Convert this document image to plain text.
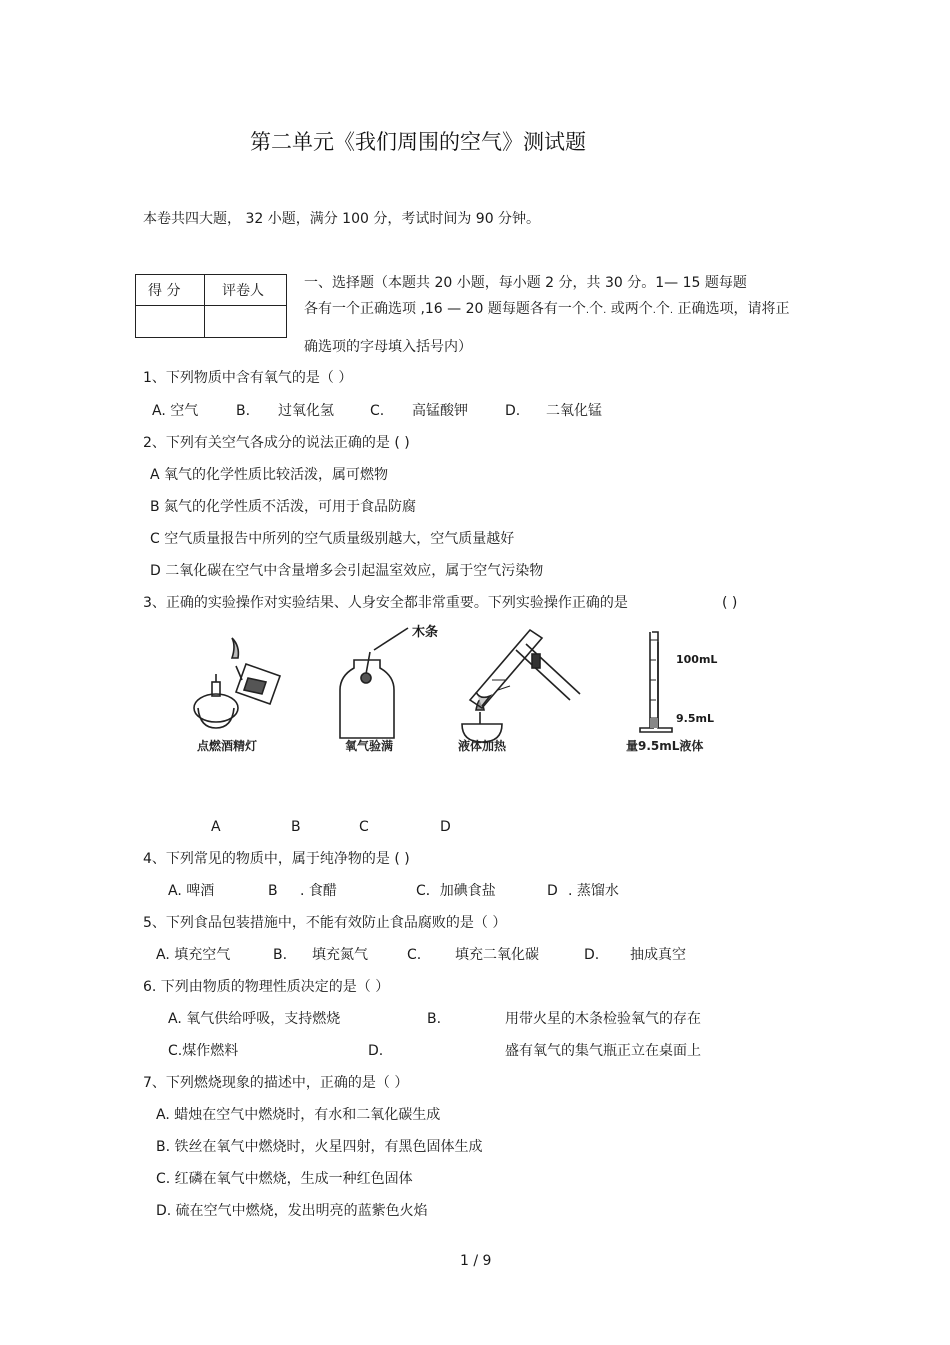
第二单元《我们周围的空气》测试题
本卷共四大题， 32 小题，满分 100 分，考试时间为 90 分钟。
得 分	评卷人	一、选择题（本题共 20 小题，每小题 2 分，共 30 分。1— 15 题每题
各有一个正确选项 ,16 — 20 题每题各有一个.个. 或两个.个. 正确选项，请将正
确选项的字母填入括号内）
1、下列物质中含有氧气的是（ ）
A. 空气	B. 过氧化氢	C. 高锰酸钾	D. 二氧化锰
2、下列有关空气各成分的说法正确的是 ( )
A 氧气的化学性质比较活泼，属可燃物
B 氮气的化学性质不活泼，可用于食品防腐
C 空气质量报告中所列的空气质量级别越大，空气质量越好
D 二氧化碳在空气中含量增多会引起温室效应，属于空气污染物
3、正确的实验操作对实验结果、人身安全都非常重要。下列实验操作正确的是	( )
木条
100mL
9.5mL
点燃酒精灯	氧气验满	液体加热	量9.5mL液体
A	B	C	D
4、下列常见的物质中，属于纯净物的是 ( )
A. 啤酒	B . 食醋	C．加碘食盐	D . 蒸馏水
5、下列食品包装措施中，不能有效防止食品腐败的是（ ）
A. 填充空气	B. 填充氮气	C. 填充二氧化碳	D. 抽成真空
6. 下列由物质的物理性质决定的是（ ）
A. 氧气供给呼吸，支持燃烧	B.	用带火星的木条检验氧气的存在
C.煤作燃料	D.	盛有氧气的集气瓶正立在桌面上
7、下列燃烧现象的描述中，正确的是（ ）
A. 蜡烛在空气中燃烧时，有水和二氧化碳生成
B. 铁丝在氧气中燃烧时，火星四射，有黑色固体生成
C. 红磷在氧气中燃烧，生成一种红色固体
D. 硫在空气中燃烧，发出明亮的蓝紫色火焰
1 / 9
